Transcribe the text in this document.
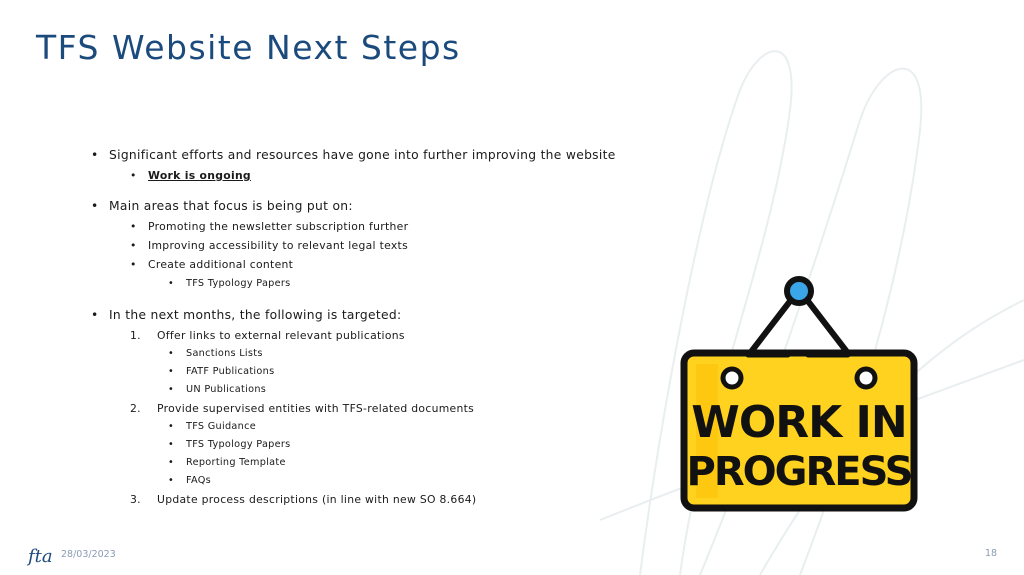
TFS Website Next Steps
• Significant efforts and resources have gone into further improving the website
• Work is ongoing
• Main areas that focus is being put on:
• Promoting the newsletter subscription further
• Improving accessibility to relevant legal texts
• Create additional content
• TFS Typology Papers
• In the next months, the following is targeted:
1. Offer links to external relevant publications
• Sanctions Lists
• FATF Publications
• UN Publications
2. Provide supervised entities with TFS-related documents
• TFS Guidance
• TFS Typology Papers
• Reporting Template
• FAQs
3. Update process descriptions (in line with new SO 8.664)
WORK IN
PROGRESS
fta 28/03/2023	18
